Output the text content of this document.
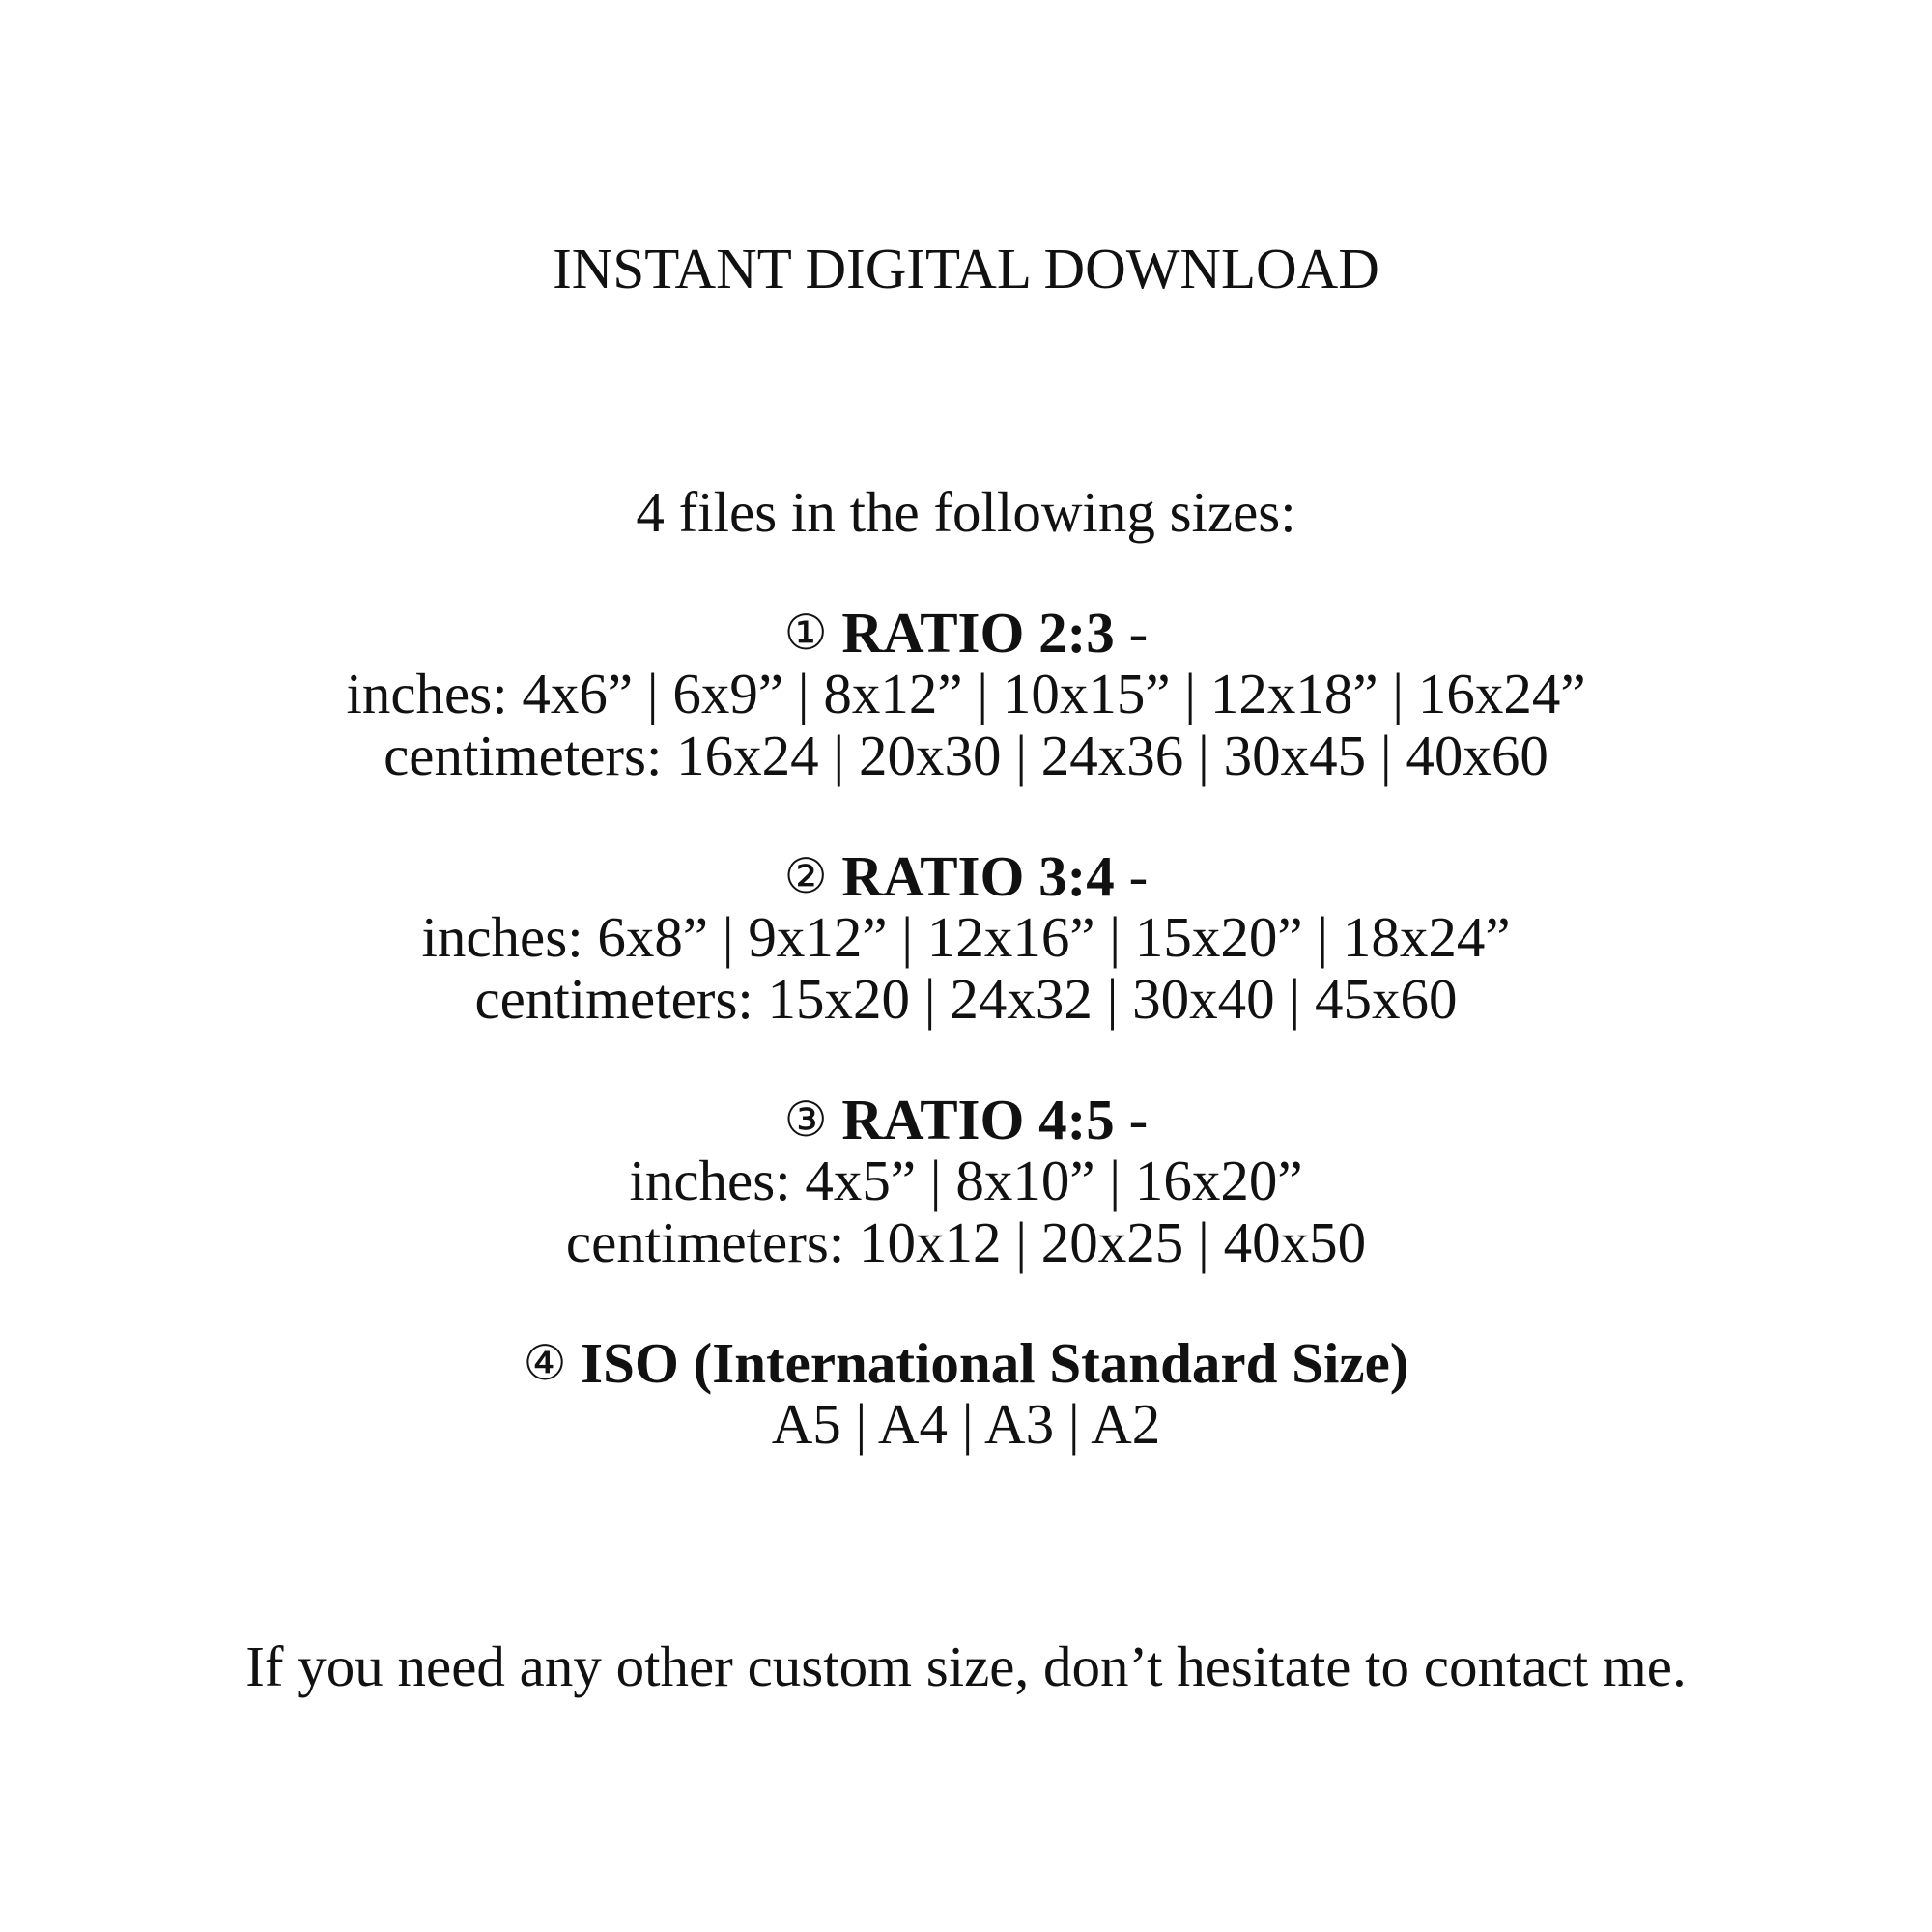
INSTANT DIGITAL DOWNLOAD
4 files in the following sizes:
① RATIO 2:3 -
inches: 4x6” | 6x9” | 8x12” | 10x15” | 12x18” | 16x24”
centimeters: 16x24 | 20x30 | 24x36 | 30x45 | 40x60
② RATIO 3:4 -
inches: 6x8” | 9x12” | 12x16” | 15x20” | 18x24”
centimeters: 15x20 | 24x32 | 30x40 | 45x60
③ RATIO 4:5 -
inches: 4x5” | 8x10” | 16x20”
centimeters: 10x12 | 20x25 | 40x50
④ ISO (International Standard Size)
A5 | A4 | A3 | A2
If you need any other custom size, don’t hesitate to contact me.
